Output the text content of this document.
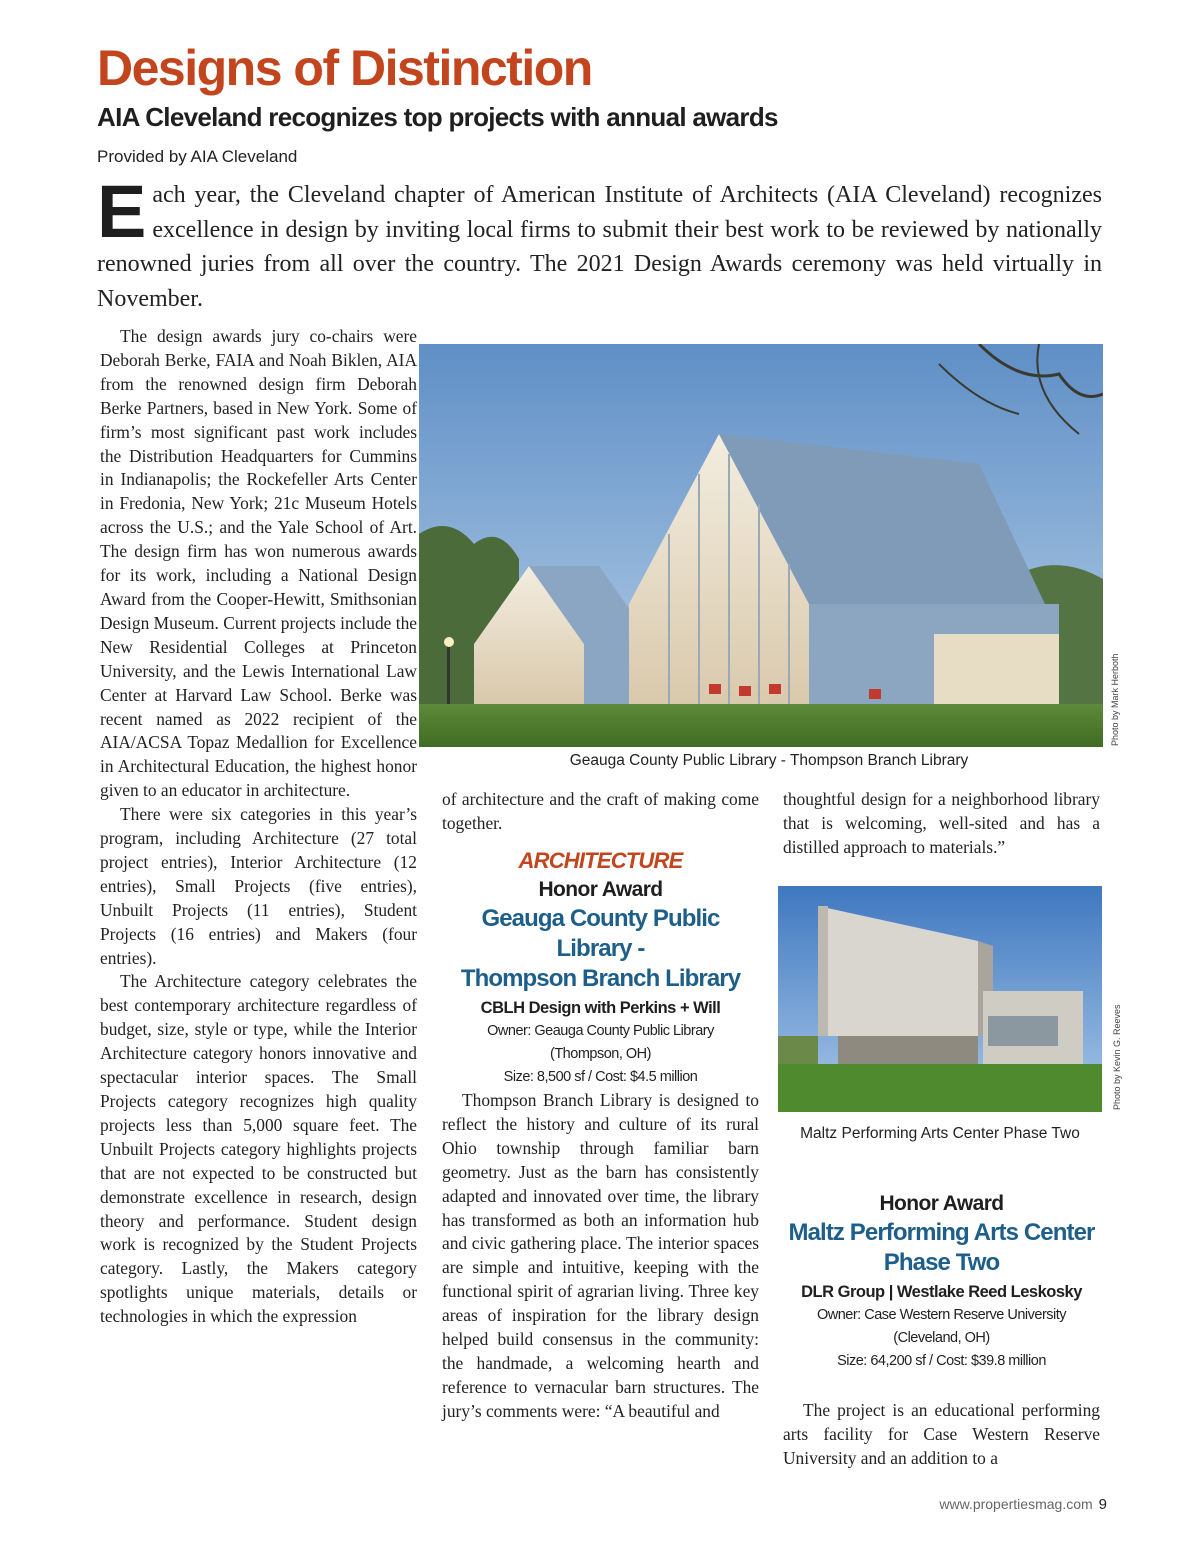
Designs of Distinction
AIA Cleveland recognizes top projects with annual awards
Provided by AIA Cleveland

Each year, the Cleveland chapter of American Institute of Architects (AIA Cleveland) recognizes excellence in design by inviting local firms to submit their best work to be reviewed by nationally renowned juries from all over the country. The 2021 Design Awards ceremony was held virtually in November.

The design awards jury co-chairs were Deborah Berke, FAIA and Noah Biklen, AIA from the renowned design firm Deborah Berke Partners, based in New York. Some of firm’s most significant past work includes the Distribution Headquarters for Cummins in Indianapolis; the Rockefeller Arts Center in Fredonia, New York; 21c Museum Hotels across the U.S.; and the Yale School of Art. The design firm has won numerous awards for its work, including a National Design Award from the Cooper-Hewitt, Smithsonian Design Museum. Current projects include the New Residential Colleges at Princeton University, and the Lewis International Law Center at Harvard Law School. Berke was recent named as 2022 recipient of the AIA/ACSA Topaz Medallion for Excellence in Architectural Education, the highest honor given to an educator in architecture.

There were six categories in this year’s program, including Architecture (27 total project entries), Interior Architecture (12 entries), Small Projects (five entries), Unbuilt Projects (11 entries), Student Projects (16 entries) and Makers (four entries).

The Architecture category celebrates the best contemporary architecture regardless of budget, size, style or type, while the Interior Architecture category honors innovative and spectacular interior spaces. The Small Projects category recognizes high quality projects less than 5,000 square feet. The Unbuilt Projects category highlights projects that are not expected to be constructed but demonstrate excellence in research, design theory and performance. Student design work is recognized by the Student Projects category. Lastly, the Makers category spotlights unique materials, details or technologies in which the expression

Photo by Mark Herboth
Geauga County Public Library - Thompson Branch Library

of architecture and the craft of making come together.

ARCHITECTURE
Honor Award
Geauga County Public Library -
Thompson Branch Library
CBLH Design with Perkins + Will
Owner: Geauga County Public Library
(Thompson, OH)
Size: 8,500 sf / Cost: $4.5 million

Thompson Branch Library is designed to reflect the history and culture of its rural Ohio township through familiar barn geometry. Just as the barn has consistently adapted and innovated over time, the library has transformed as both an information hub and civic gathering place. The interior spaces are simple and intuitive, keeping with the functional spirit of agrarian living. Three key areas of inspiration for the library design helped build consensus in the community: the handmade, a welcoming hearth and reference to vernacular barn structures. The jury’s comments were: “A beautiful and

thoughtful design for a neighborhood library that is welcoming, well-sited and has a distilled approach to materials.”

Photo by Kevin G. Reeves
Maltz Performing Arts Center Phase Two
Honor Award
Maltz Performing Arts Center
Phase Two
DLR Group | Westlake Reed Leskosky
Owner: Case Western Reserve University
(Cleveland, OH)
Size: 64,200 sf / Cost: $39.8 million

The project is an educational performing arts facility for Case Western Reserve University and an addition to a

www.propertiesmag.com 9
